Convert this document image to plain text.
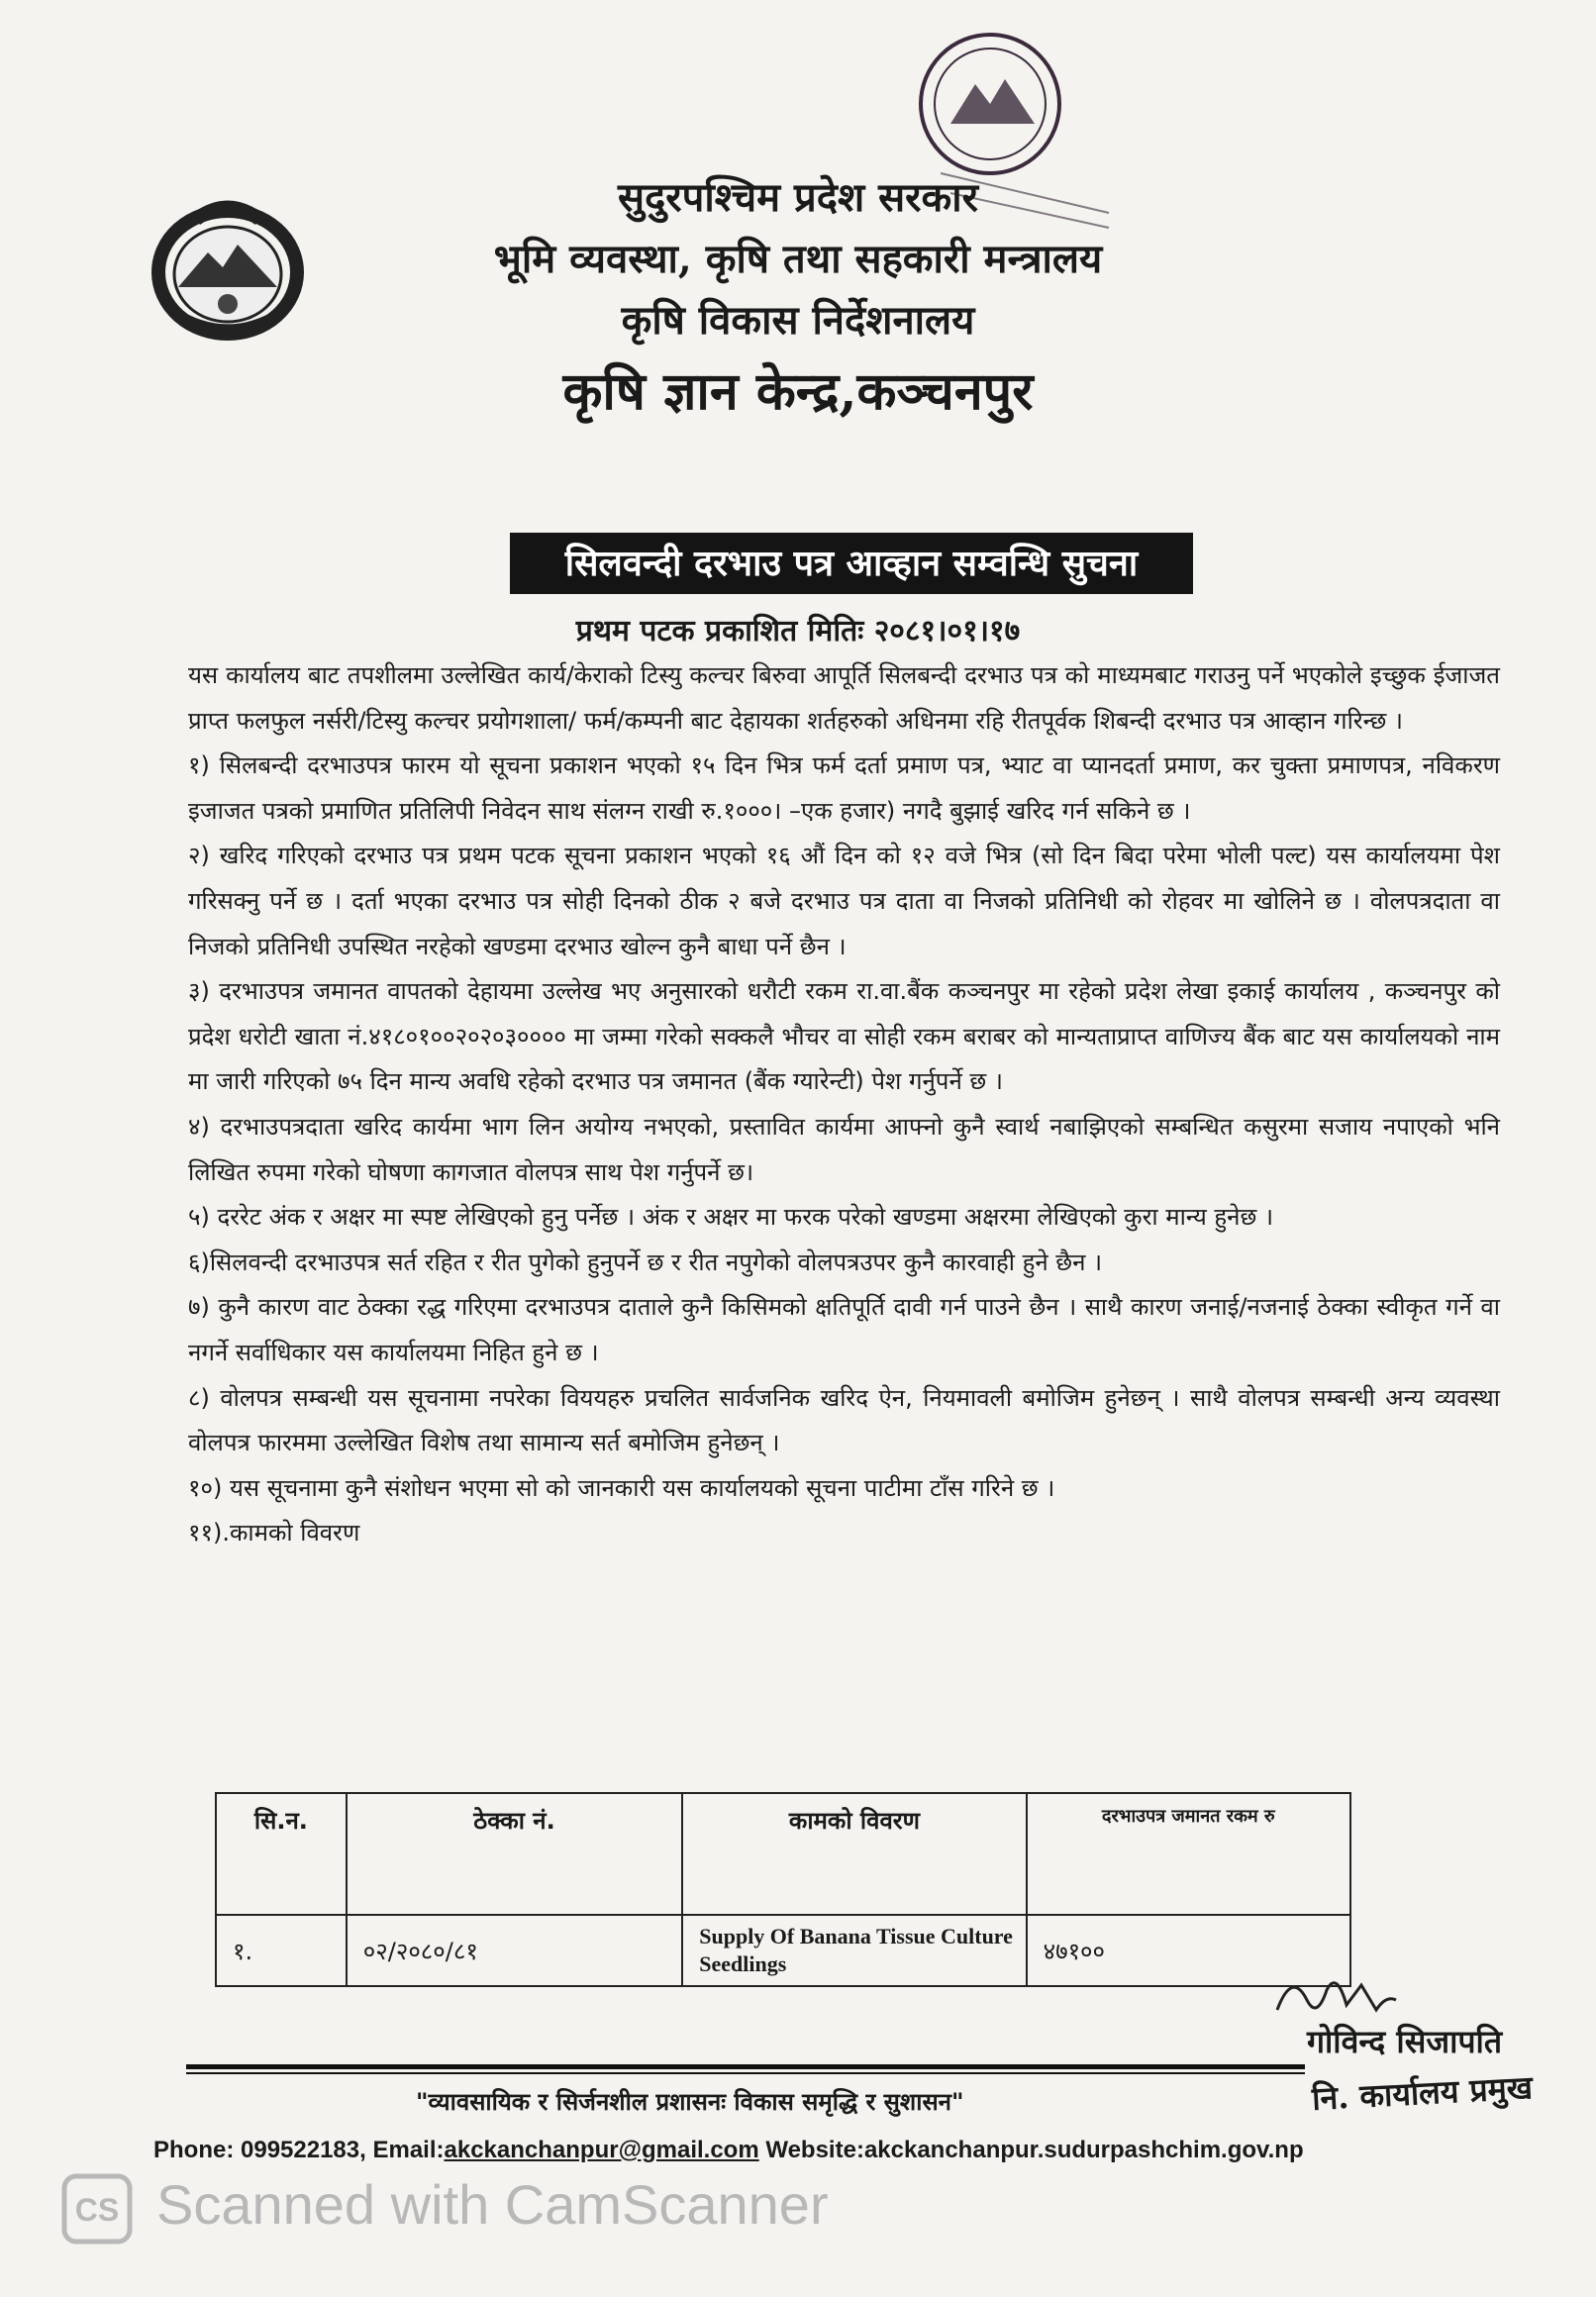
सुदुरपश्चिम प्रदेश सरकार
भूमि व्यवस्था, कृषि तथा सहकारी मन्त्रालय
कृषि विकास निर्देशनालय
कृषि ज्ञान केन्द्र,कञ्चनपुर
सिलवन्दी दरभाउ पत्र आव्हान सम्वन्धि सुचना
प्रथम पटक प्रकाशित मितिः २०८१।०१।१७

यस कार्यालय बाट तपशीलमा उल्लेखित कार्य/केराको टिस्यु कल्चर बिरुवा आपूर्ति सिलबन्दी दरभाउ पत्र को माध्यमबाट गराउनु पर्ने भएकोले इच्छुक ईजाजत प्राप्त फलफुल नर्सरी/टिस्यु कल्चर प्रयोगशाला/ फर्म/कम्पनी बाट देहायका शर्तहरुको अधिनमा रहि रीतपूर्वक शिबन्दी दरभाउ पत्र आव्हान गरिन्छ ।

१) सिलबन्दी दरभाउपत्र फारम यो सूचना प्रकाशन भएको १५ दिन भित्र फर्म दर्ता प्रमाण पत्र, भ्याट वा प्यानदर्ता प्रमाण, कर चुक्ता प्रमाणपत्र, नविकरण इजाजत पत्रको प्रमाणित प्रतिलिपी निवेदन साथ संलग्न राखी रु.१०००। –एक हजार) नगदै बुझाई खरिद गर्न सकिने छ ।

२) खरिद गरिएको दरभाउ पत्र प्रथम पटक सूचना प्रकाशन भएको १६ औं दिन को १२ वजे भित्र (सो दिन बिदा परेमा भोली पल्ट) यस कार्यालयमा पेश गरिसक्नु पर्ने छ । दर्ता भएका दरभाउ पत्र सोही दिनको ठीक २ बजे दरभाउ पत्र दाता वा निजको प्रतिनिधी को रोहवर मा खोलिने छ । वोलपत्रदाता वा निजको प्रतिनिधी उपस्थित नरहेको खण्डमा दरभाउ खोल्न कुनै बाधा पर्ने छैन ।

३) दरभाउपत्र जमानत वापतको देहायमा उल्लेख भए अनुसारको धरौटी रकम रा.वा.बैंक कञ्चनपुर मा रहेको प्रदेश लेखा इकाई कार्यालय , कञ्चनपुर को प्रदेश धरोटी खाता नं.४१८०१००२०२०३०००० मा जम्मा गरेको सक्कलै भौचर वा सोही रकम बराबर को मान्यताप्राप्त वाणिज्य बैंक बाट यस कार्यालयको नाम मा जारी गरिएको ७५ दिन मान्य अवधि रहेको दरभाउ पत्र जमानत (बैंक ग्यारेन्टी) पेश गर्नुपर्ने छ ।

४) दरभाउपत्रदाता खरिद कार्यमा भाग लिन अयोग्य नभएको, प्रस्तावित कार्यमा आफ्नो कुनै स्वार्थ नबाझिएको सम्बन्धित कसुरमा सजाय नपाएको भनि लिखित रुपमा गरेको घोषणा कागजात वोलपत्र साथ पेश गर्नुपर्ने छ।

५) दररेट अंक र अक्षर मा स्पष्ट लेखिएको हुनु पर्नेछ । अंक र अक्षर मा फरक परेको खण्डमा अक्षरमा लेखिएको कुरा मान्य हुनेछ ।

६)सिलवन्दी दरभाउपत्र सर्त रहित र रीत पुगेको हुनुपर्ने छ र रीत नपुगेको वोलपत्रउपर कुनै कारवाही हुने छैन ।

७) कुनै कारण वाट ठेक्का रद्ध गरिएमा दरभाउपत्र दाताले कुनै किसिमको क्षतिपूर्ति दावी गर्न पाउने छैन । साथै कारण जनाई/नजनाई ठेक्का स्वीकृत गर्ने वा नगर्ने सर्वाधिकार यस कार्यालयमा निहित हुने छ ।

८) वोलपत्र सम्बन्धी यस सूचनामा नपरेका विययहरु प्रचलित सार्वजनिक खरिद ऐन, नियमावली बमोजिम हुनेछन् । साथै वोलपत्र सम्बन्धी अन्य व्यवस्था वोलपत्र फारममा उल्लेखित विशेष तथा सामान्य सर्त बमोजिम हुनेछन् ।

१०) यस सूचनामा कुनै संशोधन भएमा सो को जानकारी यस कार्यालयको सूचना पाटीमा टाँस गरिने छ ।

११).कामको विवरण

सि.न.	ठेक्का नं.	कामको विवरण	दरभाउपत्र जमानत रकम रु
१.	०२/२०८०/८१	Supply Of Banana Tissue Culture Seedlings	४७१००
गोविन्द सिजापति
नि. कार्यालय प्रमुख
"व्यावसायिक र सिर्जनशील प्रशासनः विकास समृद्धि र सुशासन"
Phone: 099522183, Email:akckanchanpur@gmail.com Website:akckanchanpur.sudurpashchim.gov.np
CS Scanned with CamScanner
